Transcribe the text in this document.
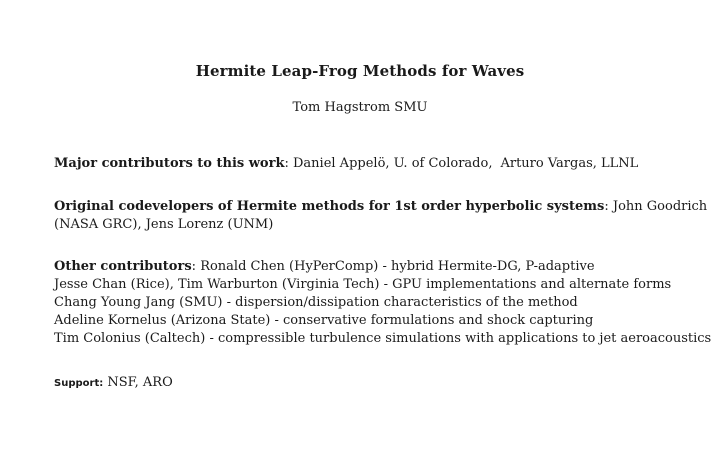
Hermite Leap-Frog Methods for Waves
Tom Hagstrom SMU
Major contributors to this work: Daniel Appelö, U. of Colorado, Arturo Vargas, LLNL
Original codevelopers of Hermite methods for 1st order hyperbolic systems: John Goodrich
(NASA GRC), Jens Lorenz (UNM)
Other contributors: Ronald Chen (HyPerComp) - hybrid Hermite-DG, P-adaptive
Jesse Chan (Rice), Tim Warburton (Virginia Tech) - GPU implementations and alternate forms
Chang Young Jang (SMU) - dispersion/dissipation characteristics of the method
Adeline Kornelus (Arizona State) - conservative formulations and shock capturing
Tim Colonius (Caltech) - compressible turbulence simulations with applications to jet aeroacoustics
Support: NSF, ARO
